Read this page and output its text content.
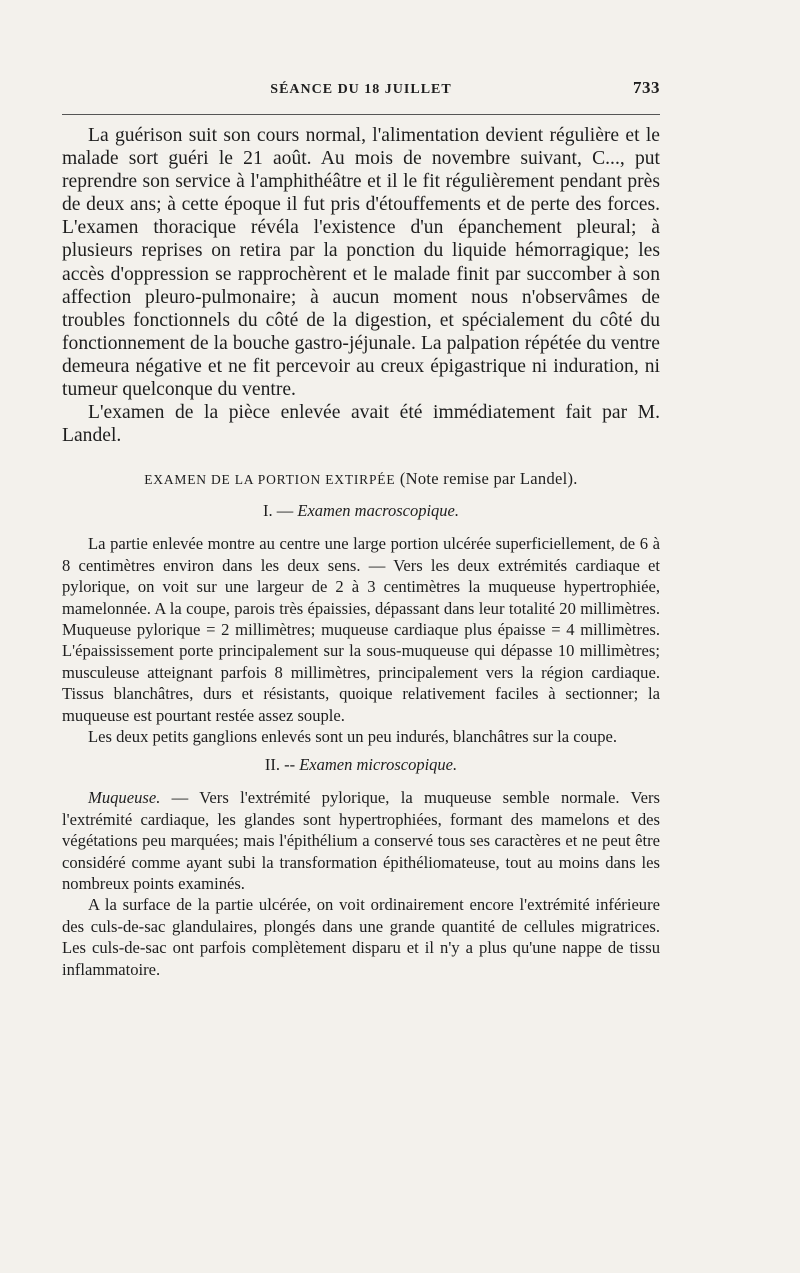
SÉANCE DU 18 JUILLET	733

La guérison suit son cours normal, l'alimentation devient régulière et le malade sort guéri le 21 août. Au mois de novembre suivant, C..., put reprendre son service à l'amphithéâtre et il le fit régulièrement pendant près de deux ans; à cette époque il fut pris d'étouffements et de perte des forces. L'examen thoracique révéla l'existence d'un épanchement pleural; à plusieurs reprises on retira par la ponction du liquide hémorragique; les accès d'oppression se rapprochèrent et le malade finit par succomber à son affection pleuro-pulmonaire; à aucun moment nous n'observâmes de troubles fonctionnels du côté de la digestion, et spécialement du côté du fonctionnement de la bouche gastro-jéjunale. La palpation répétée du ventre demeura négative et ne fit percevoir au creux épigastrique ni induration, ni tumeur quelconque du ventre.

L'examen de la pièce enlevée avait été immédiatement fait par M. Landel.

EXAMEN DE LA PORTION EXTIRPÉE (Note remise par Landel).
I. — Examen macroscopique.

La partie enlevée montre au centre une large portion ulcérée superficiellement, de 6 à 8 centimètres environ dans les deux sens. — Vers les deux extrémités cardiaque et pylorique, on voit sur une largeur de 2 à 3 centimètres la muqueuse hypertrophiée, mamelonnée. A la coupe, parois très épaissies, dépassant dans leur totalité 20 millimètres. Muqueuse pylorique = 2 millimètres; muqueuse cardiaque plus épaisse = 4 millimètres. L'épaississement porte principalement sur la sous-muqueuse qui dépasse 10 millimètres; musculeuse atteignant parfois 8 millimètres, principalement vers la région cardiaque. Tissus blanchâtres, durs et résistants, quoique relativement faciles à sectionner; la muqueuse est pourtant restée assez souple.

Les deux petits ganglions enlevés sont un peu indurés, blanchâtres sur la coupe.

II. -- Examen microscopique.

Muqueuse. — Vers l'extrémité pylorique, la muqueuse semble normale. Vers l'extrémité cardiaque, les glandes sont hypertrophiées, formant des mamelons et des végétations peu marquées; mais l'épithélium a conservé tous ses caractères et ne peut être considéré comme ayant subi la transformation épithéliomateuse, tout au moins dans les nombreux points examinés.

A la surface de la partie ulcérée, on voit ordinairement encore l'extrémité inférieure des culs-de-sac glandulaires, plongés dans une grande quantité de cellules migratrices. Les culs-de-sac ont parfois complètement disparu et il n'y a plus qu'une nappe de tissu inflammatoire.
